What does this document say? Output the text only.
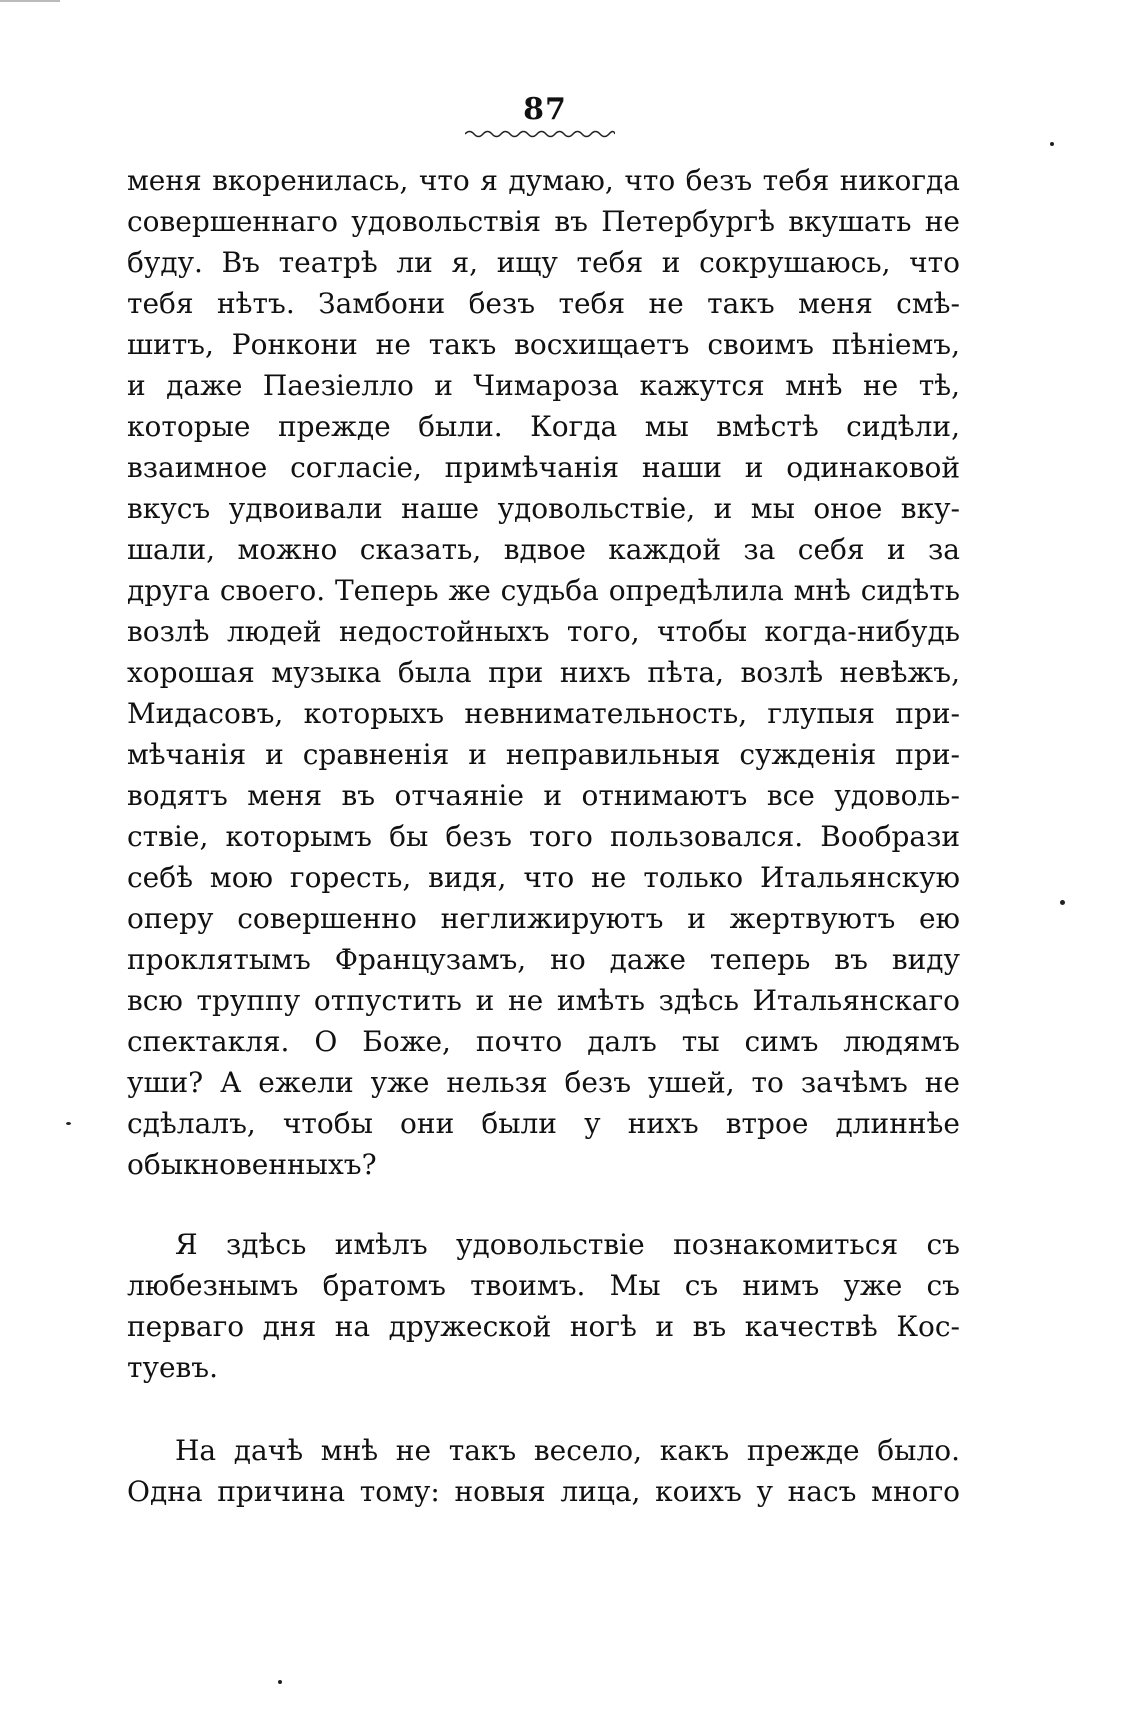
87
меня вкоренилась, что я думаю, что безъ тебя никогда
совершеннаго удовольствія въ Петербургѣ вкушать не
буду. Въ театрѣ ли я, ищу тебя и сокрушаюсь, что
тебя нѣтъ. Замбони безъ тебя не такъ меня смѣ-
шитъ, Ронкони не такъ восхищаетъ своимъ пѣніемъ,
и даже Паезіелло и Чимароза кажутся мнѣ не тѣ,
которые прежде были. Когда мы вмѣстѣ сидѣли,
взаимное согласіе, примѣчанія наши и одинаковой
вкусъ удвоивали наше удовольствіе, и мы оное вку-
шали, можно сказать, вдвое каждой за себя и за
друга своего. Теперь же судьба опредѣлила мнѣ сидѣть
возлѣ людей недостойныхъ того, чтобы когда-нибудь
хорошая музыка была при нихъ пѣта, возлѣ невѣжъ,
Мидасовъ, которыхъ невнимательность, глупыя при-
мѣчанія и сравненія и неправильныя сужденія при-
водятъ меня въ отчаяніе и отнимаютъ все удоволь-
ствіе, которымъ бы безъ того пользовался. Вообрази
себѣ мою горесть, видя, что не только Итальянскую
оперу совершенно неглижируютъ и жертвуютъ ею
проклятымъ Французамъ, но даже теперь въ виду
всю труппу отпустить и не имѣть здѣсь Итальянскаго
спектакля. О Боже, почто далъ ты симъ людямъ
уши? А ежели уже нельзя безъ ушей, то зачѣмъ не
сдѣлалъ, чтобы они были у нихъ втрое длиннѣе
обыкновенныхъ?
Я здѣсь имѣлъ удовольствіе познакомиться съ
любезнымъ братомъ твоимъ. Мы съ нимъ уже съ
перваго дня на дружеской ногѣ и въ качествѣ Кос-
туевъ.
На дачѣ мнѣ не такъ весело, какъ прежде было.
Одна причина тому: новыя лица, коихъ у насъ много
